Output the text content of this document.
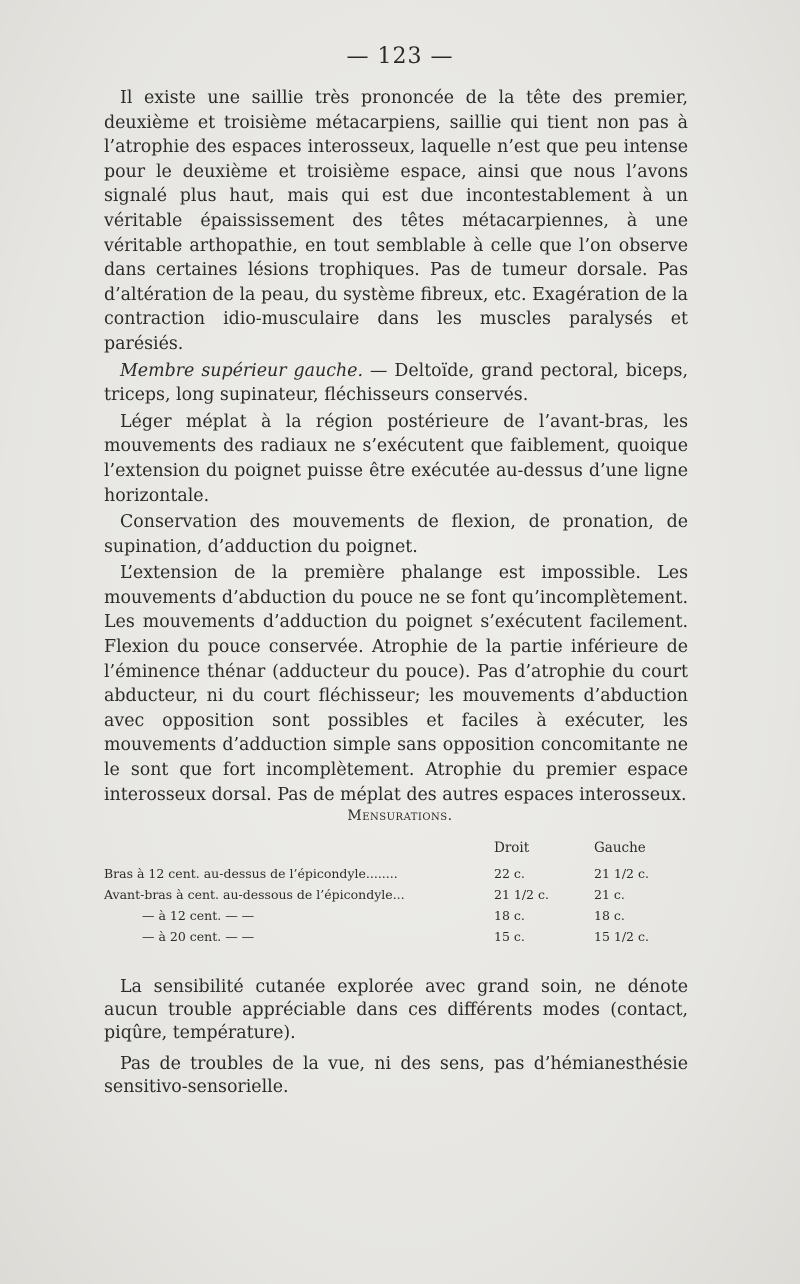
— 123 —

Il existe une saillie très prononcée de la tête des premier, deuxième et troisième métacarpiens, saillie qui tient non pas à l’atrophie des espaces interosseux, laquelle n’est que peu intense pour le deuxième et troisième espace, ainsi que nous l’avons signalé plus haut, mais qui est due incontestablement à un véritable épaississement des têtes métacarpiennes, à une véritable arthopathie, en tout semblable à celle que l’on observe dans certaines lésions trophiques. Pas de tumeur dorsale. Pas d’altération de la peau, du système fibreux, etc. Exagération de la contraction idio-musculaire dans les muscles paralysés et parésiés.

Membre supérieur gauche. — Deltoïde, grand pectoral, biceps, triceps, long supinateur, fléchisseurs conservés.

Léger méplat à la région postérieure de l’avant-bras, les mouvements des radiaux ne s’exécutent que faiblement, quoique l’extension du poignet puisse être exécutée au-dessus d’une ligne horizontale.

Conservation des mouvements de flexion, de pronation, de supination, d’adduction du poignet.

L’extension de la première phalange est impossible. Les mouvements d’abduction du pouce ne se font qu’incomplètement. Les mouvements d’adduction du poignet s’exécutent facilement. Flexion du pouce conservée. Atrophie de la partie inférieure de l’éminence thénar (adducteur du pouce). Pas d’atrophie du court abducteur, ni du court fléchisseur; les mouvements d’abduction avec opposition sont possibles et faciles à exécuter, les mouvements d’adduction simple sans opposition concomitante ne le sont que fort incomplètement. Atrophie du premier espace interosseux dorsal. Pas de méplat des autres espaces interosseux.

Mensurations.
	Droit	Gauche
Bras à 12 cent. au-dessus de l’épicondyle........	22 c.	21 1/2 c.
Avant-bras à cent. au-dessous de l’épicondyle...	21 1/2 c.	21 c.
— à 12 cent. — —	18 c.	18 c.
— à 20 cent. — —	15 c.	15 1/2 c.

La sensibilité cutanée explorée avec grand soin, ne dénote aucun trouble appréciable dans ces différents modes (contact, piqûre, température).

Pas de troubles de la vue, ni des sens, pas d’hémianesthésie sensitivo-sensorielle.
